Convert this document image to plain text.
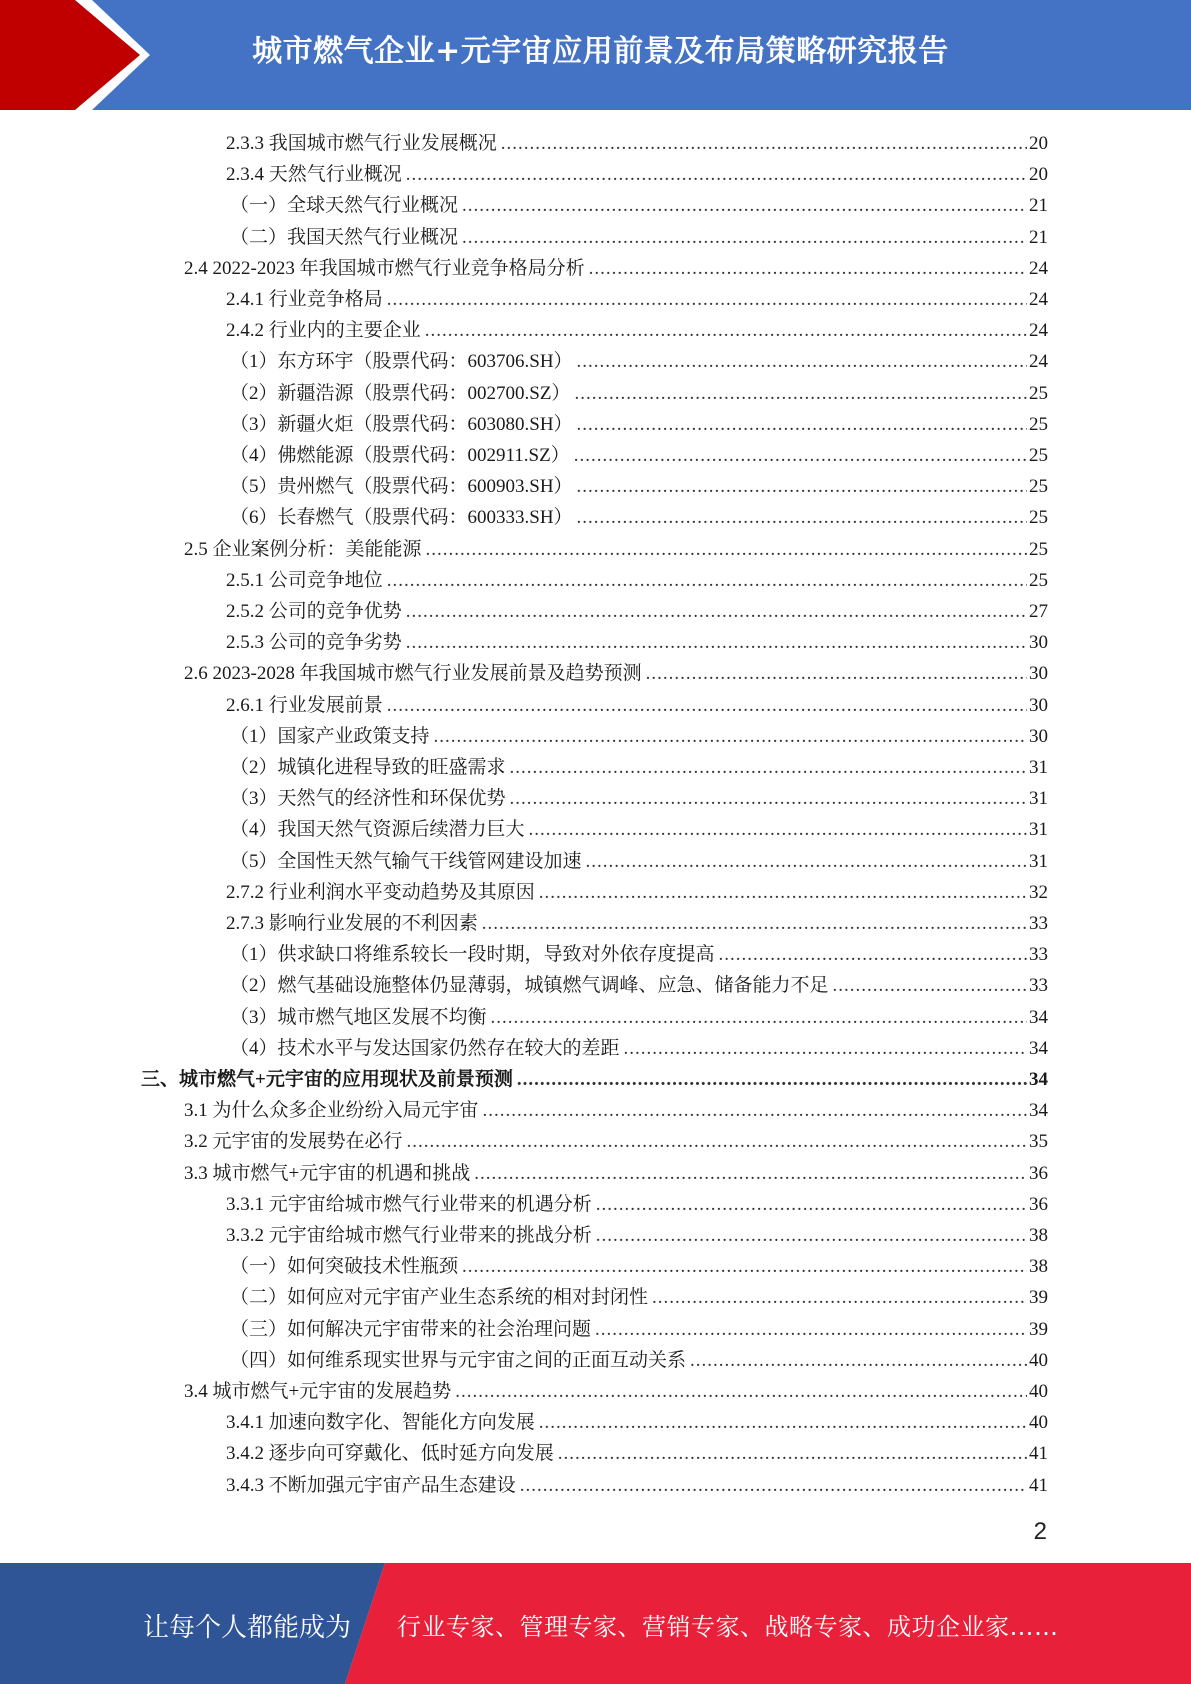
城市燃气企业+元宇宙应用前景及布局策略研究报告
2.3.3 我国城市燃气行业发展概况 .....	20
2.3.4 天然气行业概况 .....	20
（一）全球天然气行业概况 .....	21
（二）我国天然气行业概况 .....	21
2.4 2022-2023 年我国城市燃气行业竞争格局分析 .....	24
2.4.1 行业竞争格局 .....	24
2.4.2 行业内的主要企业 .....	24
（1）东方环宇（股票代码：603706.SH） .....	24
（2）新疆浩源（股票代码：002700.SZ） .....	25
（3）新疆火炬（股票代码：603080.SH） .....	25
（4）佛燃能源（股票代码：002911.SZ） .....	25
（5）贵州燃气（股票代码：600903.SH） .....	25
（6）长春燃气（股票代码：600333.SH） .....	25
2.5 企业案例分析：美能能源 .....	25
2.5.1 公司竞争地位 .....	25
2.5.2 公司的竞争优势 .....	27
2.5.3 公司的竞争劣势 .....	30
2.6 2023-2028 年我国城市燃气行业发展前景及趋势预测 .....	30
2.6.1 行业发展前景 .....	30
（1）国家产业政策支持 .....	30
（2）城镇化进程导致的旺盛需求 .....	31
（3）天然气的经济性和环保优势 .....	31
（4）我国天然气资源后续潜力巨大 .....	31
（5）全国性天然气输气干线管网建设加速 .....	31
2.7.2 行业利润水平变动趋势及其原因 .....	32
2.7.3 影响行业发展的不利因素 .....	33
（1）供求缺口将维系较长一段时期，导致对外依存度提高 .....	33
（2）燃气基础设施整体仍显薄弱，城镇燃气调峰、应急、储备能力不足 .....	33
（3）城市燃气地区发展不均衡 .....	34
（4）技术水平与发达国家仍然存在较大的差距 .....	34
三、城市燃气+元宇宙的应用现状及前景预测 .....	34
3.1 为什么众多企业纷纷入局元宇宙 .....	34
3.2 元宇宙的发展势在必行 .....	35
3.3 城市燃气+元宇宙的机遇和挑战 .....	36
3.3.1 元宇宙给城市燃气行业带来的机遇分析 .....	36
3.3.2 元宇宙给城市燃气行业带来的挑战分析 .....	38
（一）如何突破技术性瓶颈 .....	38
（二）如何应对元宇宙产业生态系统的相对封闭性 .....	39
（三）如何解决元宇宙带来的社会治理问题 .....	39
（四）如何维系现实世界与元宇宙之间的正面互动关系 .....	40
3.4 城市燃气+元宇宙的发展趋势 .....	40
3.4.1 加速向数字化、智能化方向发展 .....	40
3.4.2 逐步向可穿戴化、低时延方向发展 .....	41
3.4.3 不断加强元宇宙产品生态建设 .....	41
2
让每个人都能成为 行业专家、管理专家、营销专家、战略专家、成功企业家……
